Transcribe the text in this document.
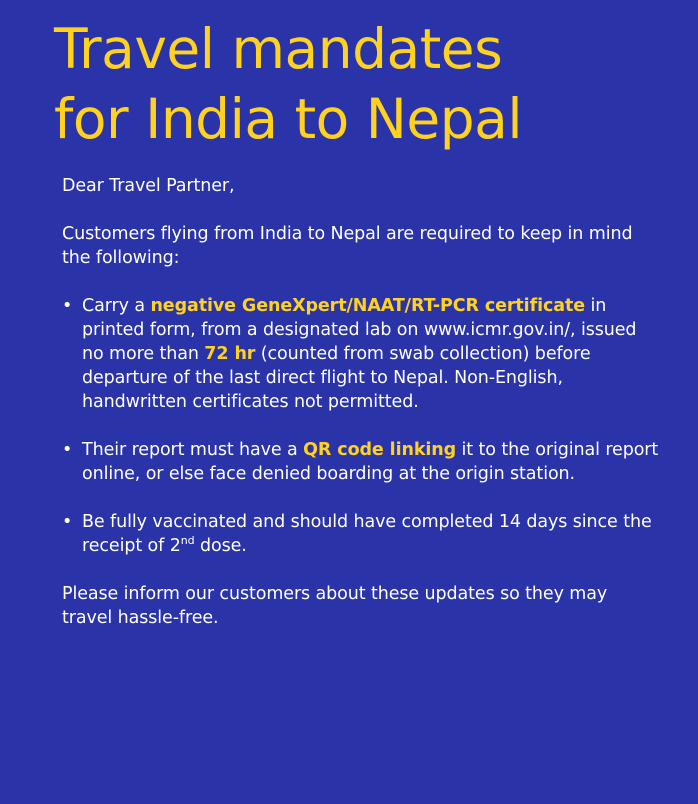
Travel mandates
for India to Nepal
Dear Travel Partner,
Customers flying from India to Nepal are required to keep in mind the following:
• Carry a negative GeneXpert/NAAT/RT-PCR certificate in printed form, from a designated lab on www.icmr.gov.in/, issued no more than 72 hr (counted from swab collection) before departure of the last direct flight to Nepal. Non-English, handwritten certificates not permitted.
• Their report must have a QR code linking it to the original report online, or else face denied boarding at the origin station.
• Be fully vaccinated and should have completed 14 days since the receipt of 2nd dose.
Please inform our customers about these updates so they may travel hassle-free.
